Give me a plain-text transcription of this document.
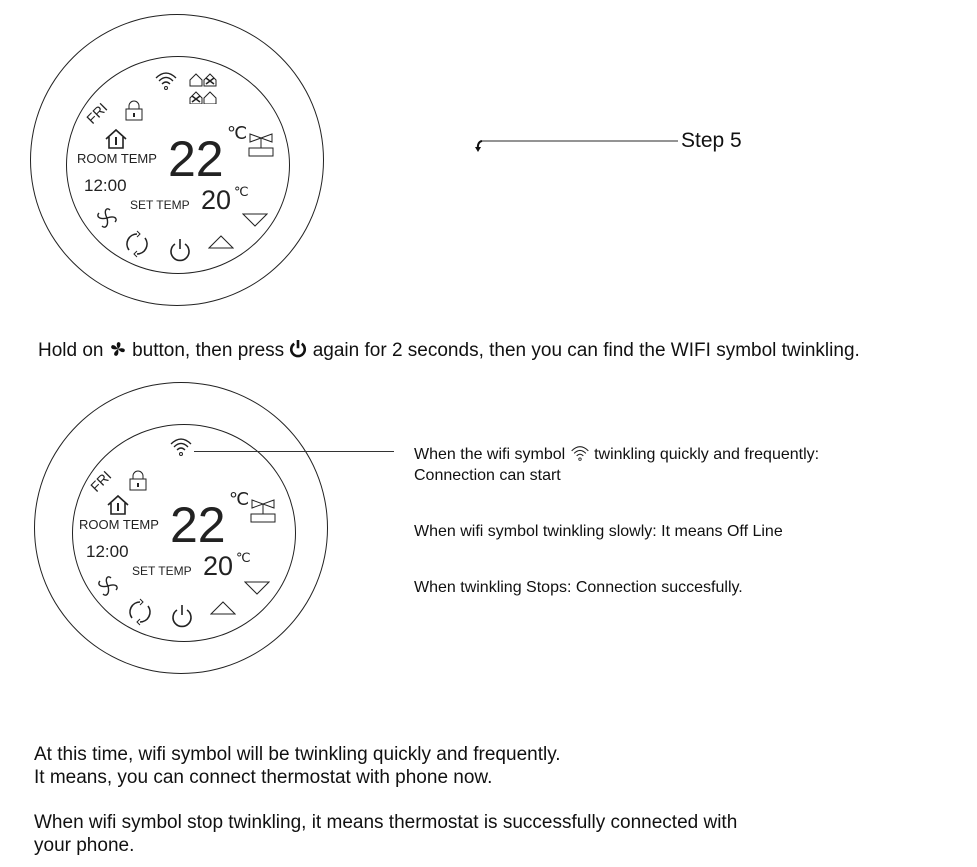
FRI
ROOM TEMP 22 ℃
12:00
SET TEMP 20 ℃
Step 5
Hold on button, then press again for 2 seconds, then you can find the WIFI symbol twinkling.
FRI
ROOM TEMP 22 ℃
12:00
SET TEMP 20 ℃
When the wifi symbol twinkling quickly and frequently:
Connection can start
When wifi symbol twinkling slowly: It means Off Line
When twinkling Stops: Connection succesfully.
At this time, wifi symbol will be twinkling quickly and frequently.
It means, you can connect thermostat with phone now.
When wifi symbol stop twinkling, it means thermostat is successfully connected with
your phone.
